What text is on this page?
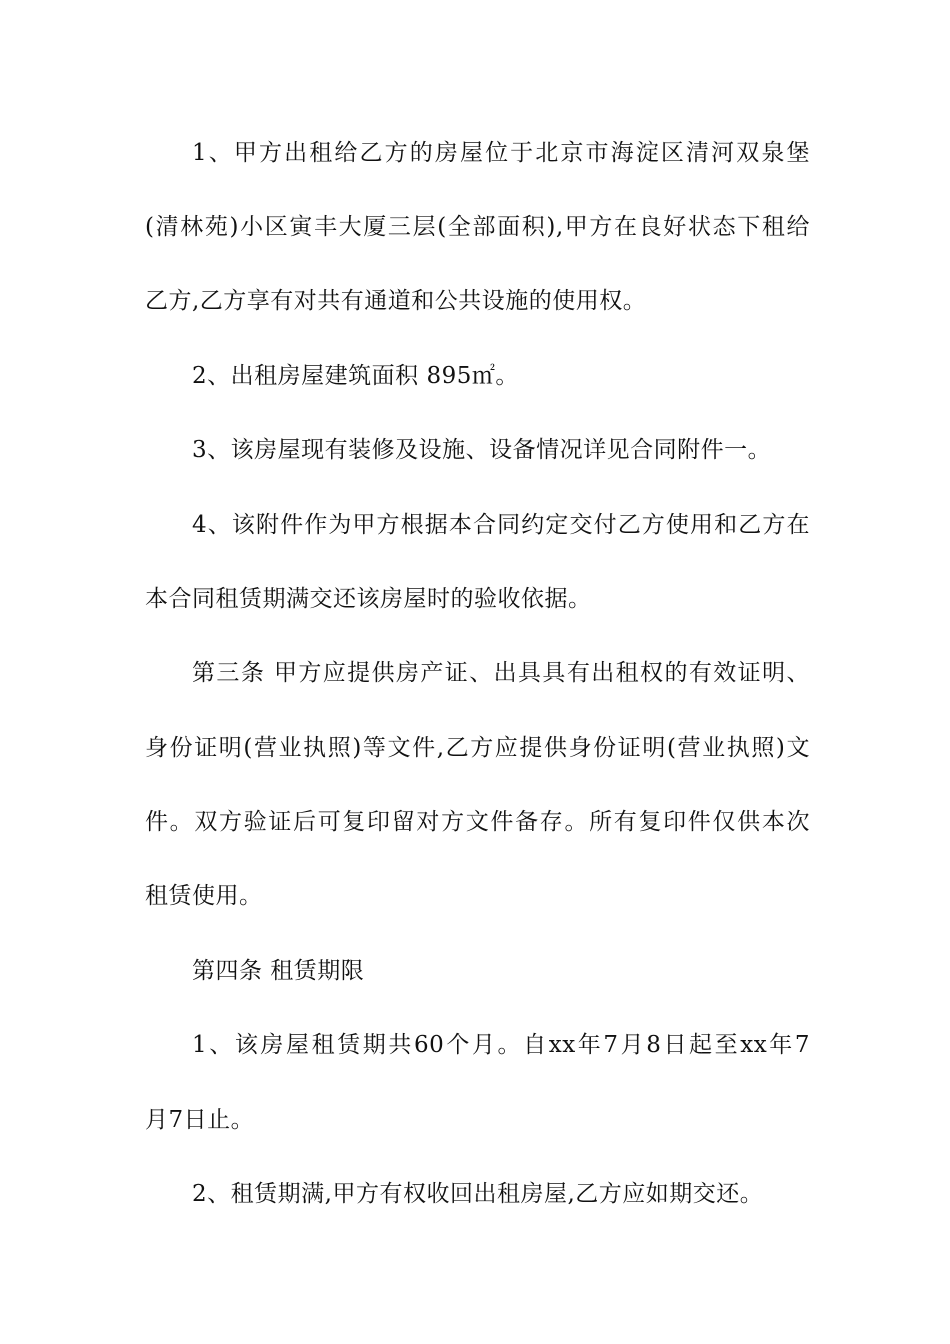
1、甲方出租给乙方的房屋位于北京市海淀区清河双泉堡
(清林苑)小区寅丰大厦三层(全部面积),甲方在良好状态下租给
乙方,乙方享有对共有通道和公共设施的使用权。
2、出租房屋建筑面积 895㎡。
3、该房屋现有装修及设施、设备情况详见合同附件一。
4、该附件作为甲方根据本合同约定交付乙方使用和乙方在
本合同租赁期满交还该房屋时的验收依据。
第三条 甲方应提供房产证、出具具有出租权的有效证明、
身份证明(营业执照)等文件,乙方应提供身份证明(营业执照)文
件。双方验证后可复印留对方文件备存。所有复印件仅供本次
租赁使用。
第四条 租赁期限
1、该房屋租赁期共60个月。自xx年7月8日起至xx年7
月7日止。
2、租赁期满,甲方有权收回出租房屋,乙方应如期交还。
